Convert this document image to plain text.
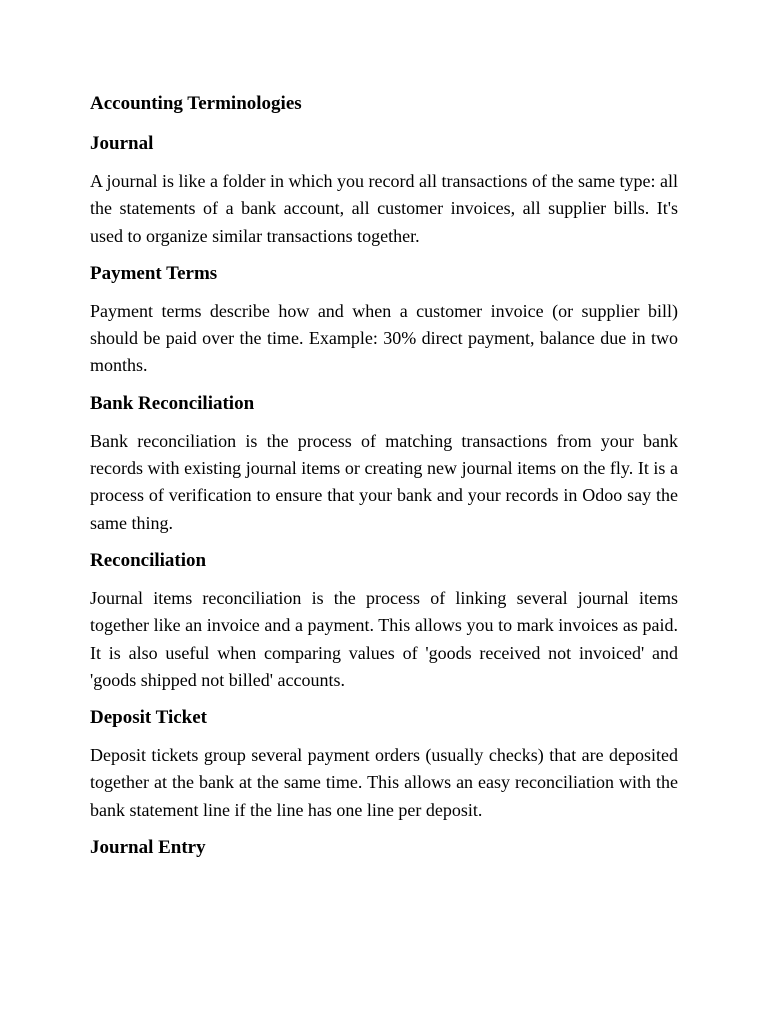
Accounting Terminologies
Journal

A journal is like a folder in which you record all transactions of the same type: all the statements of a bank account, all customer invoices, all supplier bills. It's used to organize similar transactions together.

Payment Terms

Payment terms describe how and when a customer invoice (or supplier bill) should be paid over the time. Example: 30% direct payment, balance due in two months.

Bank Reconciliation

Bank reconciliation is the process of matching transactions from your bank records with existing journal items or creating new journal items on the fly. It is a process of verification to ensure that your bank and your records in Odoo say the same thing.

Reconciliation

Journal items reconciliation is the process of linking several journal items together like an invoice and a payment. This allows you to mark invoices as paid. It is also useful when comparing values of 'goods received not invoiced' and 'goods shipped not billed' accounts.

Deposit Ticket

Deposit tickets group several payment orders (usually checks) that are deposited together at the bank at the same time. This allows an easy reconciliation with the bank statement line if the line has one line per deposit.

Journal Entry
